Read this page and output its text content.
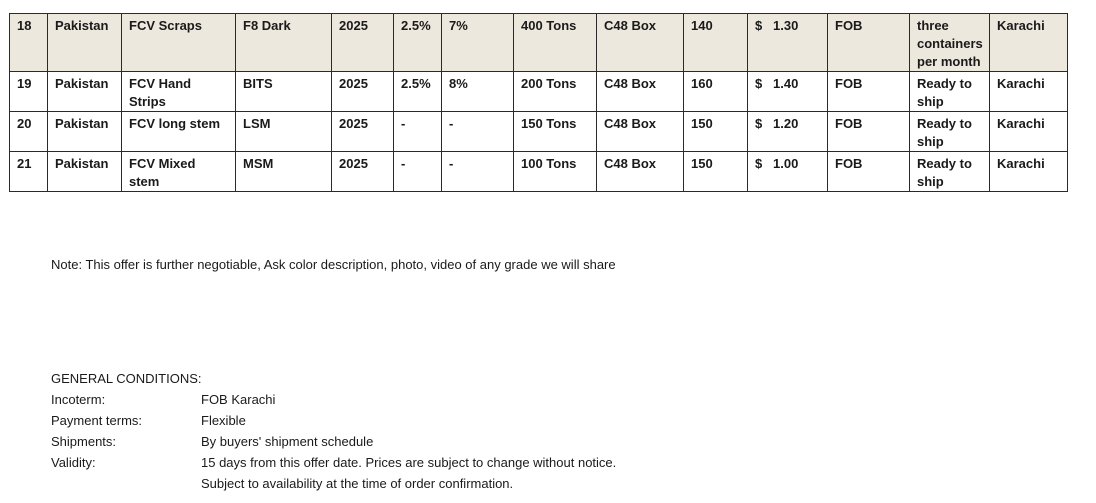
18	Pakistan	FCV Scraps	F8 Dark	2025	2.5%	7%	400 Tons	C48 Box	140	$ 1.30	FOB	three containers per month	Karachi
19	Pakistan	FCV Hand Strips	BITS	2025	2.5%	8%	200 Tons	C48 Box	160	$ 1.40	FOB	Ready to ship	Karachi
20	Pakistan	FCV long stem	LSM	2025	-	-	150 Tons	C48 Box	150	$ 1.20	FOB	Ready to ship	Karachi
21	Pakistan	FCV Mixed stem	MSM	2025	-	-	100 Tons	C48 Box	150	$ 1.00	FOB	Ready to ship	Karachi

Note: This offer is further negotiable, Ask color description, photo, video of any grade we will share

GENERAL CONDITIONS:

Incoterm:	FOB Karachi
Payment terms:	Flexible
Shipments:	By buyers' shipment schedule
Validity:	15 days from this offer date. Prices are subject to change without notice.
Subject to availability at the time of order confirmation.
